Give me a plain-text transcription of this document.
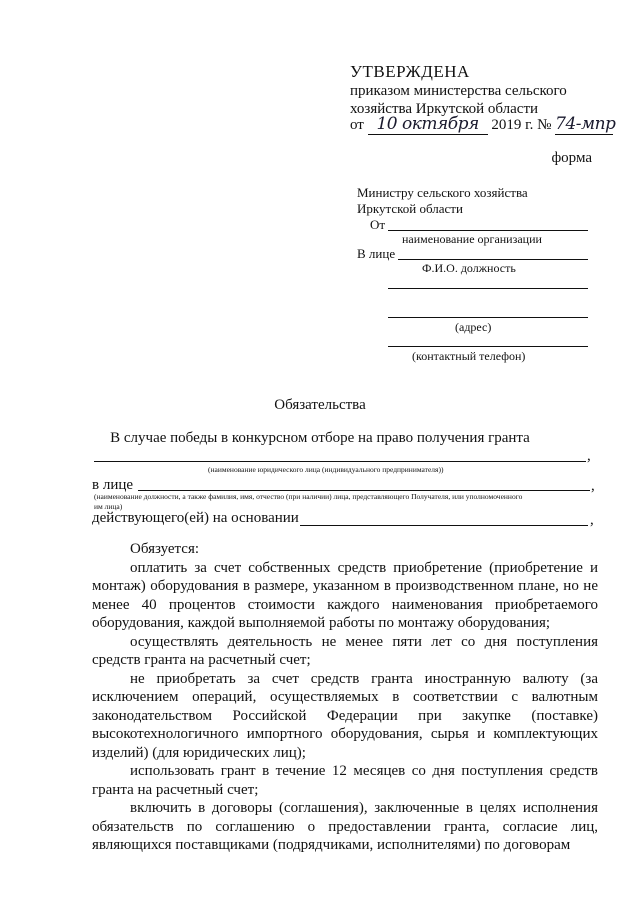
УТВЕРЖДЕНА
приказом министерства сельского
хозяйства Иркутской области
от 10 октября 2019 г. № 74-мпр
форма
Министру сельского хозяйства
Иркутской области
От
наименование организации
В лице
Ф.И.О. должность
(адрес)
(контактный телефон)
Обязательства
В случае победы в конкурсном отборе на право получения гранта
,
(наименование юридического лица (индивидуального предпринимателя))
в лице	,
(наименование должности, а также фамилия, имя, отчество (при наличии) лица, представляющего Получателя, или уполномоченного
им лица)
действующего(ей) на основании	,

Обязуется:

оплатить за счет собственных средств приобретение (приобретение и монтаж) оборудования в размере, указанном в производственном плане, но не менее 40 процентов стоимости каждого наименования приобретаемого оборудования, каждой выполняемой работы по монтажу оборудования;

осуществлять деятельность не менее пяти лет со дня поступления средств гранта на расчетный счет;

не приобретать за счет средств гранта иностранную валюту (за исключением операций, осуществляемых в соответствии с валютным законодательством Российской Федерации при закупке (поставке) высокотехнологичного импортного оборудования, сырья и комплектующих изделий) (для юридических лиц);

использовать грант в течение 12 месяцев со дня поступления средств гранта на расчетный счет;

включить в договоры (соглашения), заключенные в целях исполнения обязательств по соглашению о предоставлении гранта, согласие лиц, являющихся поставщиками (подрядчиками, исполнителями) по договорам
